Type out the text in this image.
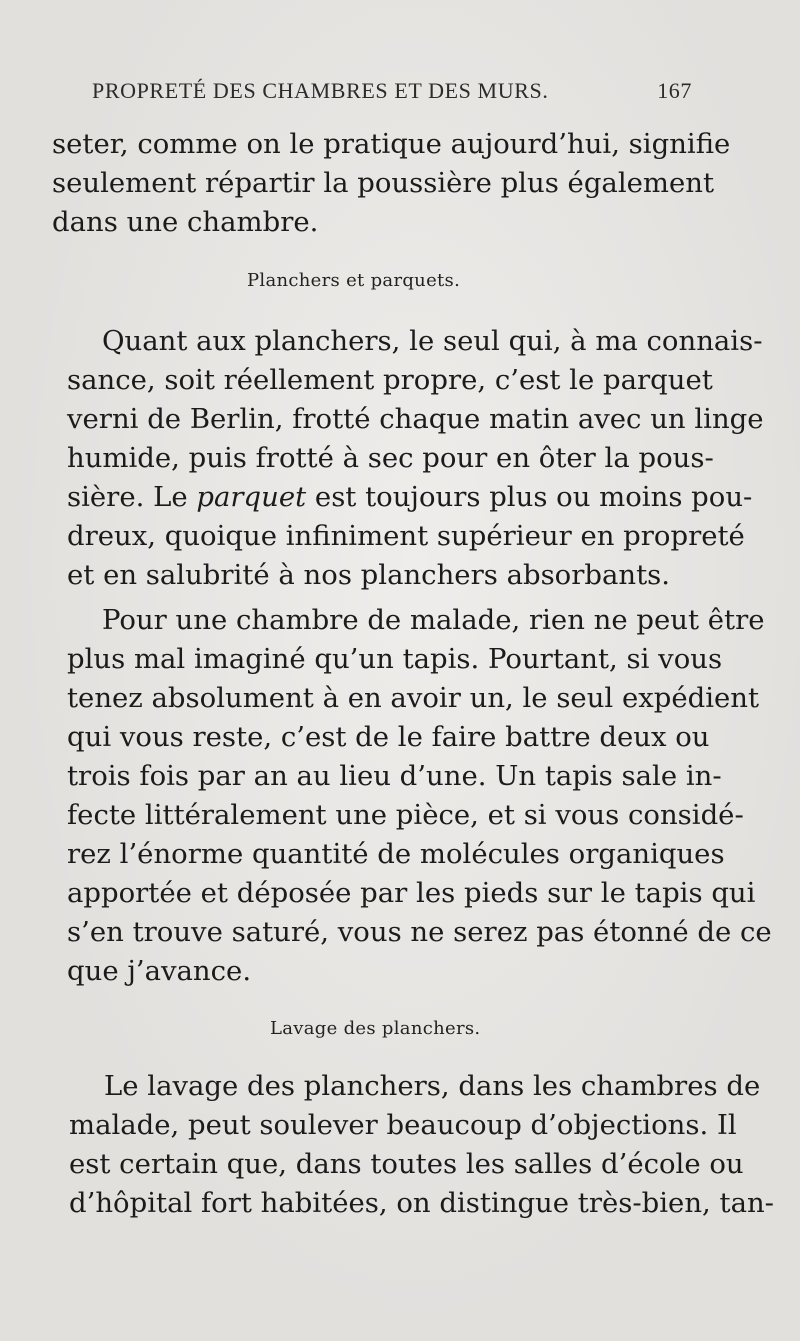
PROPRETÉ DES CHAMBRES ET DES MURS.	167
seter, comme on le pratique aujourd’hui, signifie
seulement répartir la poussière plus également
dans une chambre.
Planchers et parquets.
Quant aux planchers, le seul qui, à ma connais-
sance, soit réellement propre, c’est le parquet
verni de Berlin, frotté chaque matin avec un linge
humide, puis frotté à sec pour en ôter la pous-
sière. Le parquet est toujours plus ou moins pou-
dreux, quoique infiniment supérieur en propreté
et en salubrité à nos planchers absorbants.
Pour une chambre de malade, rien ne peut être
plus mal imaginé qu’un tapis. Pourtant, si vous
tenez absolument à en avoir un, le seul expédient
qui vous reste, c’est de le faire battre deux ou
trois fois par an au lieu d’une. Un tapis sale in-
fecte littéralement une pièce, et si vous considé-
rez l’énorme quantité de molécules organiques
apportée et déposée par les pieds sur le tapis qui
s’en trouve saturé, vous ne serez pas étonné de ce
que j’avance.
Lavage des planchers.
Le lavage des planchers, dans les chambres de
malade, peut soulever beaucoup d’objections. Il
est certain que, dans toutes les salles d’école ou
d’hôpital fort habitées, on distingue très-bien, tan-
